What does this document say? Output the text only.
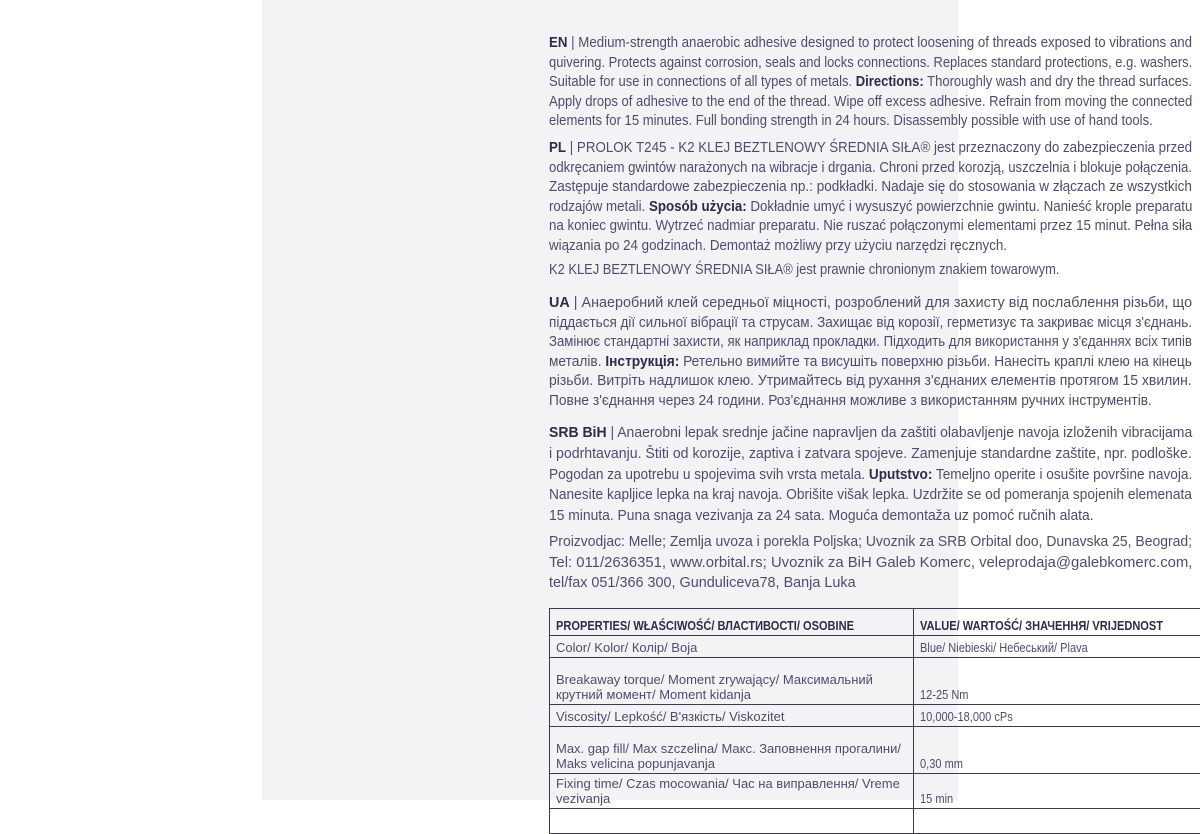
EN | Medium-strength anaerobic adhesive designed to protect loosening of threads exposed to vibrations and
quivering. Protects against corrosion, seals and locks connections. Replaces standard protections, e.g. washers.
Suitable for use in connections of all types of metals. Directions: Thoroughly wash and dry the thread surfaces.
Apply drops of adhesive to the end of the thread. Wipe off excess adhesive. Refrain from moving the connected
elements for 15 minutes. Full bonding strength in 24 hours. Disassembly possible with use of hand tools.
PL | PROLOK T245 - K2 KLEJ BEZTLENOWY ŚREDNIA SIŁA® jest przeznaczony do zabezpieczenia przed
odkręcaniem gwintów narażonych na wibracje i drgania. Chroni przed korozją, uszczelnia i blokuje połączenia.
Zastępuje standardowe zabezpieczenia np.: podkładki. Nadaje się do stosowania w złączach ze wszystkich
rodzajów metali. Sposób użycia: Dokładnie umyć i wysuszyć powierzchnie gwintu. Nanieść krople preparatu
na koniec gwintu. Wytrzeć nadmiar preparatu. Nie ruszać połączonymi elementami przez 15 minut. Pełna siła
wiązania po 24 godzinach. Demontaż możliwy przy użyciu narzędzi ręcznych.
K2 KLEJ BEZTLENOWY ŚREDNIA SIŁA® jest prawnie chronionym znakiem towarowym.
UA | Анаеробний клей середньої міцності, розроблений для захисту від послаблення різьби, що
піддається дії сильної вібрації та струсам. Захищає від корозії, герметизує та закриває місця з'єднань.
Замінює стандартні захисти, як наприклад прокладки. Підходить для використання у з'єданнях всіх типів
металів. Інструкція: Ретельно вимийте та висушіть поверхню різьби. Нанесіть краплі клею на кінець
різьби. Витріть надлишок клею. Утримайтесь від рухання з'єднаних елементів протягом 15 хвилин.
Повне з'єднання через 24 години. Роз'єднання можливе з використанням ручних інструментів.
SRB BiH | Anaerobni lepak srednje jačine napravljen da zaštiti olabavljenje navoja izloženih vibracijama
i podrhtavanju. Štiti od korozije, zaptiva i zatvara spojeve. Zamenjuje standardne zaštite, npr. podloške.
Pogodan za upotrebu u spojevima svih vrsta metala. Uputstvo: Temeljno operite i osušite površine navoja.
Nanesite kapljice lepka na kraj navoja. Obrišite višak lepka. Uzdržite se od pomeranja spojenih elemenata
15 minuta. Puna snaga vezivanja za 24 sata. Moguća demontaža uz pomoć ručnih alata.
Proizvodjac: Melle; Zemlja uvoza i porekla Poljska; Uvoznik za SRB Orbital doo, Dunavska 25, Beograd;
Tel: 011/2636351, www.orbital.rs; Uvoznik za BiH Galeb Komerc, veleprodaja@galebkomerc.com,
tel/fax 051/366 300, Gunduliceva78, Banja Luka
PROPERTIES/ WŁAŚCIWOŚĆ/ ВЛАСТИВОСТІ/ OSOBINE	VALUE/ WARTOŚĆ/ ЗНАЧЕННЯ/ VRIJEDNOST
Color/ Kolor/ Колір/ Boja	Blue/ Niebieski/ Небеський/ Plava
Breakaway torque/ Moment zrywający/ Максимальний крутний момент/ Moment kidanja	12-25 Nm
Viscosity/ Lepkość/ В'язкість/ Viskozitet	10,000-18,000 cPs
Max. gap fill/ Max szczelina/ Макс. Заповнення прогалини/ Maks velicina popunjavanja	0,30 mm
Fixing time/ Czas mocowania/ Час на виправлення/ Vreme vezivanja	15 min
